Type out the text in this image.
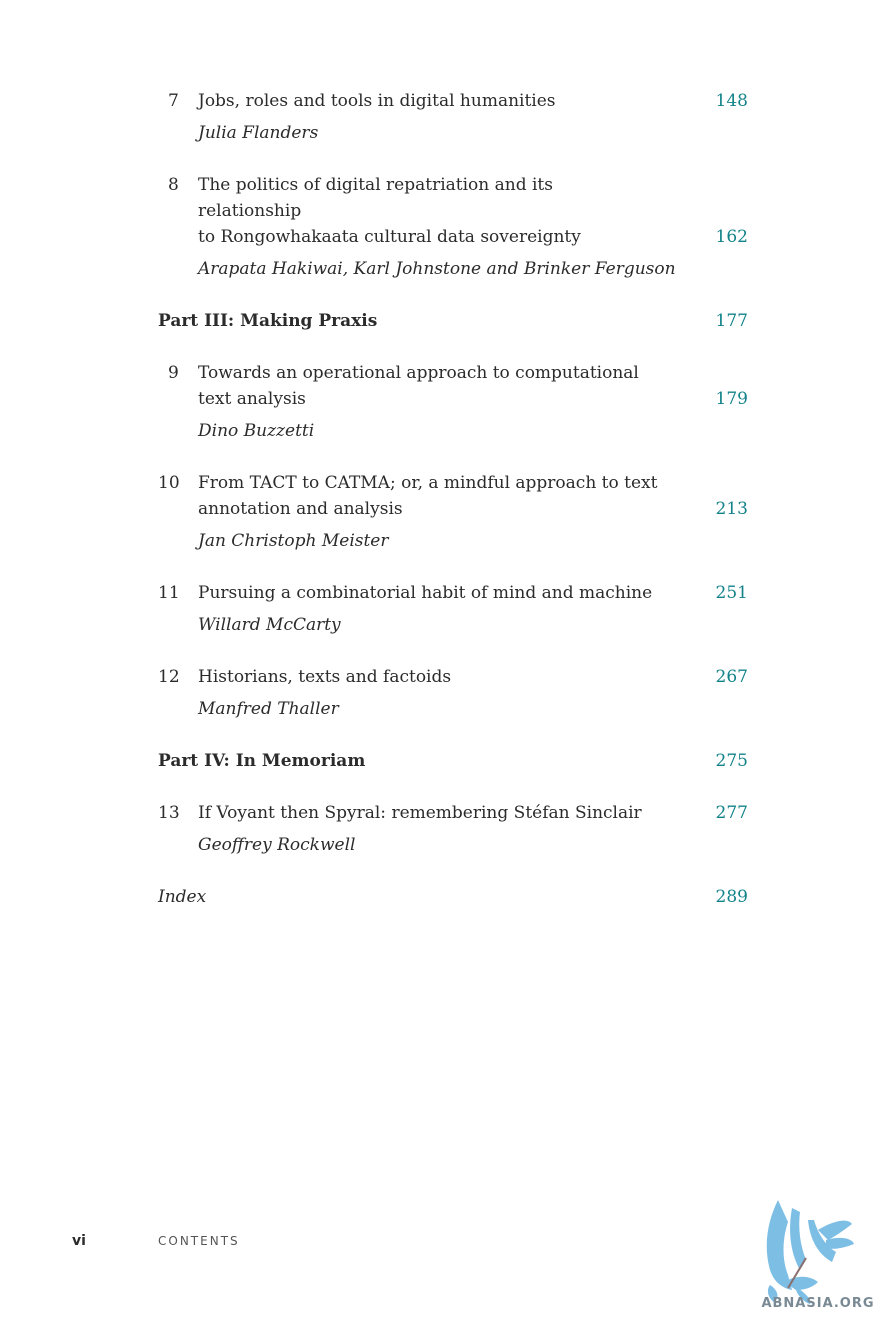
7	Jobs, roles and tools in digital humanities	148
Julia Flanders
8	The politics of digital repatriation and its relationship
to Rongowhakaata cultural data sovereignty	162
Arapata Hakiwai, Karl Johnstone and Brinker Ferguson
Part III: Making Praxis	177
9	Towards an operational approach to computational
text analysis	179
Dino Buzzetti
10	From TACT to CATMA; or, a mindful approach to text
annotation and analysis	213
Jan Christoph Meister
11	Pursuing a combinatorial habit of mind and machine	251
Willard McCarty
12	Historians, texts and factoids	267
Manfred Thaller
Part IV: In Memoriam	275
13	If Voyant then Spyral: remembering Stéfan Sinclair	277
Geoffrey Rockwell
Index	289
vi	CONTENTS
ABNASIA.ORG
